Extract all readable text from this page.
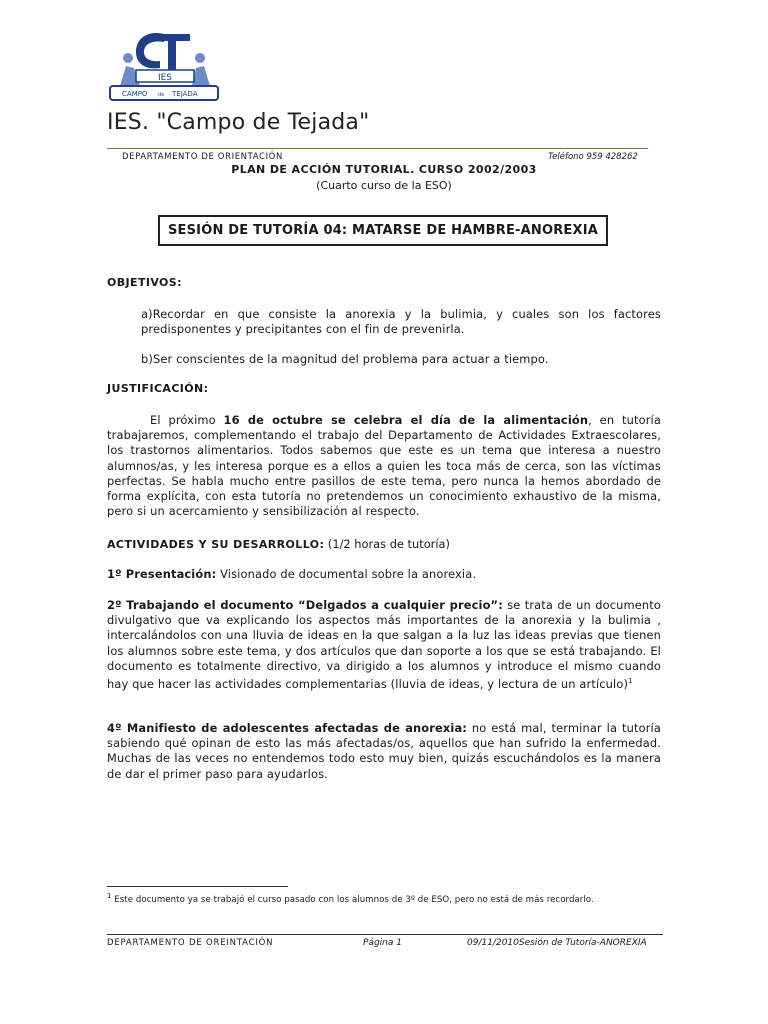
IES
CAMPO de TEJADA
IES. "Campo de Tejada"
DEPARTAMENTO DE ORIENTACIÓN	Teléfono 959 428262
PLAN DE ACCIÓN TUTORIAL. CURSO 2002/2003
(Cuarto curso de la ESO)
SESIÓN DE TUTORÍA 04: MATARSE DE HAMBRE-ANOREXIA
OBJETIVOS:
a)Recordar en que consiste la anorexia y la bulimia, y cuales son los factores predisponentes y precipitantes con el fin de prevenirla.
b)Ser conscientes de la magnitud del problema para actuar a tiempo.
JUSTIFICACIÓN:
El próximo 16 de octubre se celebra el día de la alimentación, en tutoría trabajaremos, complementando el trabajo del Departamento de Actividades Extraescolares, los trastornos alimentarios. Todos sabemos que este es un tema que interesa a nuestro alumnos/as, y les interesa porque es a ellos a quien les toca más de cerca, son las víctimas perfectas. Se habla mucho entre pasillos de este tema, pero nunca la hemos abordado de forma explícita, con esta tutoría no pretendemos un conocimiento exhaustivo de la misma, pero si un acercamiento y sensibilización al respecto.
ACTIVIDADES Y SU DESARROLLO: (1/2 horas de tutoría)
1º Presentación: Visionado de documental sobre la anorexia.
2º Trabajando el documento “Delgados a cualquier precio”: se trata de un documento divulgativo que va explicando los aspectos más importantes de la anorexia y la bulimia , intercalándolos con una lluvia de ideas en la que salgan a la luz las ideas previas que tienen los alumnos sobre este tema, y dos artículos que dan soporte a los que se está trabajando. El documento es totalmente directivo, va dirigido a los alumnos y introduce el mismo cuando hay que hacer las actividades complementarias (lluvia de ideas, y lectura de un artículo)$^1$
4º Manifiesto de adolescentes afectadas de anorexia: no está mal, terminar la tutoría sabiendo qué opinan de esto las más afectadas/os, aquellos que han sufrido la enfermedad. Muchas de las veces no entendemos todo esto muy bien, quizás escuchándolos es la manera de dar el primer paso para ayudarlos.
$^1$ Este documento ya se trabajó el curso pasado con los alumnos de 3º de ESO, pero no está de más recordarlo.
DEPARTAMENTO DE OREINTACIÓN	Página 1	09/11/2010Sesión de Tutoría-ANOREXIA
